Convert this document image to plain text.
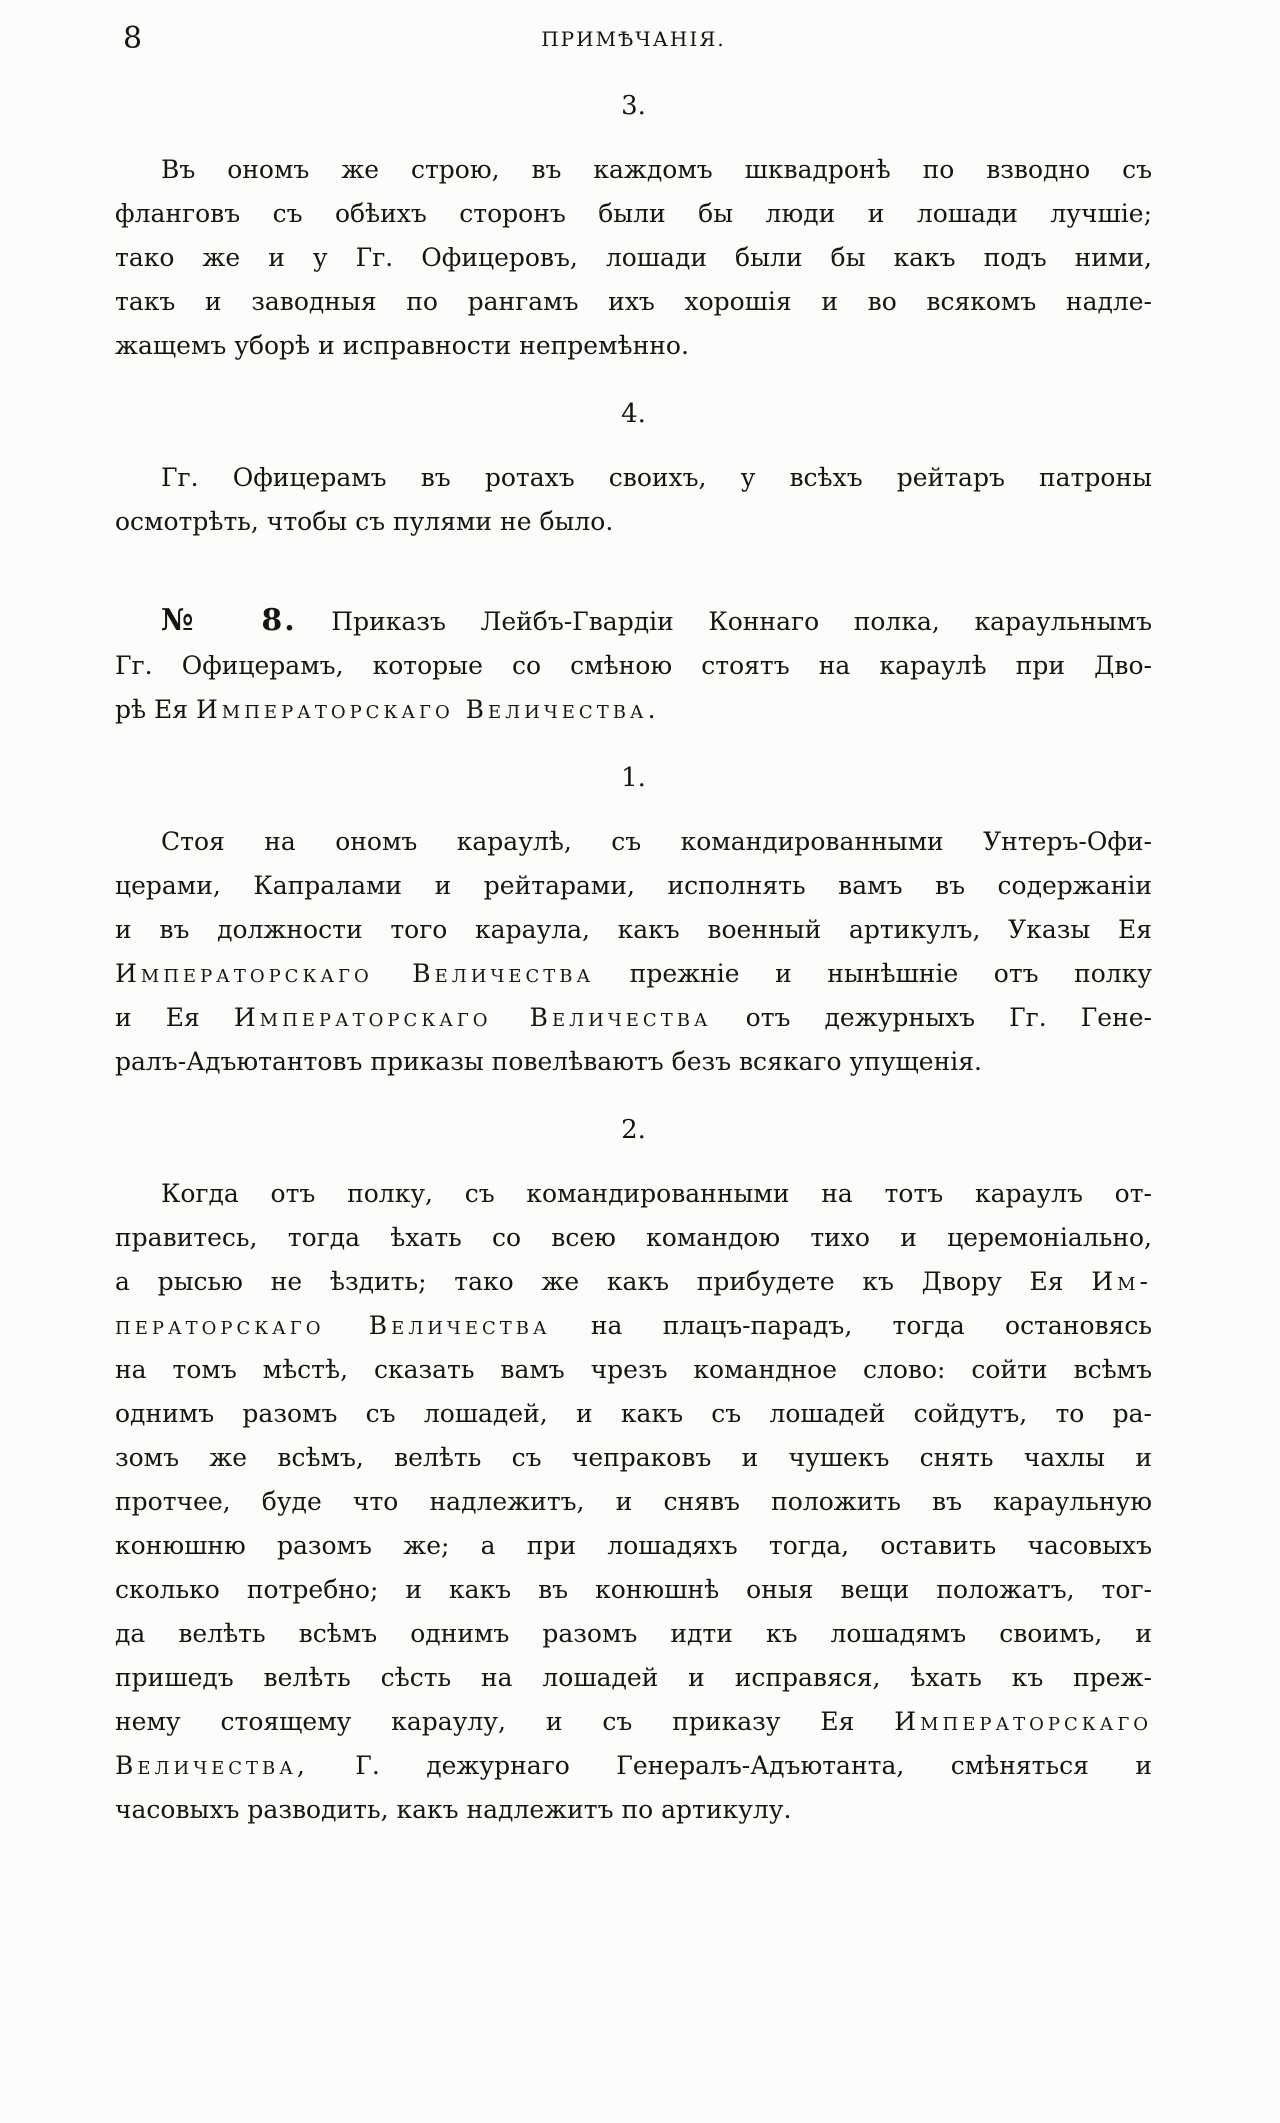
8	ПРИМѢЧАНІЯ.
3.
Въ ономъ же строю, въ каждомъ шквадронѣ по взводно съ
фланговъ съ обѣихъ сторонъ были бы люди и лошади лучшіе;
тако же и у Гг. Офицеровъ, лошади были бы какъ подъ ними,
такъ и заводныя по рангамъ ихъ хорошія и во всякомъ надле-
жащемъ уборѣ и исправности непремѣнно.
4.
Гг. Офицерамъ въ ротахъ своихъ, у всѣхъ рейтаръ патроны
осмотрѣть, чтобы съ пулями не было.
№ 8. Приказъ Лейбъ-Гвардіи Коннаго полка, караульнымъ
Гг. Офицерамъ, которые со смѣною стоятъ на караулѣ при Дво-
рѣ Ея Императорскаго Величества.
1.
Стоя на ономъ караулѣ, съ командированными Унтеръ-Офи-
церами, Капралами и рейтарами, исполнять вамъ въ содержаніи
и въ должности того караула, какъ военный артикулъ, Указы Ея
Императорскаго Величества прежніе и нынѣшніе отъ полку
и Ея Императорскаго Величества отъ дежурныхъ Гг. Гене-
ралъ-Адъютантовъ приказы повелѣваютъ безъ всякаго упущенія.
2.
Когда отъ полку, съ командированными на тотъ караулъ от-
правитесь, тогда ѣхать со всею командою тихо и церемоніально,
а рысью не ѣздить; тако же какъ прибудете къ Двору Ея Им-
ператорскаго Величества на плацъ-парадъ, тогда остановясь
на томъ мѣстѣ, сказать вамъ чрезъ командное слово: сойти всѣмъ
однимъ разомъ съ лошадей, и какъ съ лошадей сойдутъ, то ра-
зомъ же всѣмъ, велѣть съ чепраковъ и чушекъ снять чахлы и
протчее, буде что надлежитъ, и снявъ положить въ караульную
конюшню разомъ же; а при лошадяхъ тогда, оставить часовыхъ
сколько потребно; и какъ въ конюшнѣ оныя вещи положатъ, тог-
да велѣть всѣмъ однимъ разомъ идти къ лошадямъ своимъ, и
пришедъ велѣть сѣсть на лошадей и исправяся, ѣхать къ преж-
нему стоящему караулу, и съ приказу Ея Императорскаго
Величества, Г. дежурнаго Генералъ-Адъютанта, смѣняться и
часовыхъ разводить, какъ надлежитъ по артикулу.
